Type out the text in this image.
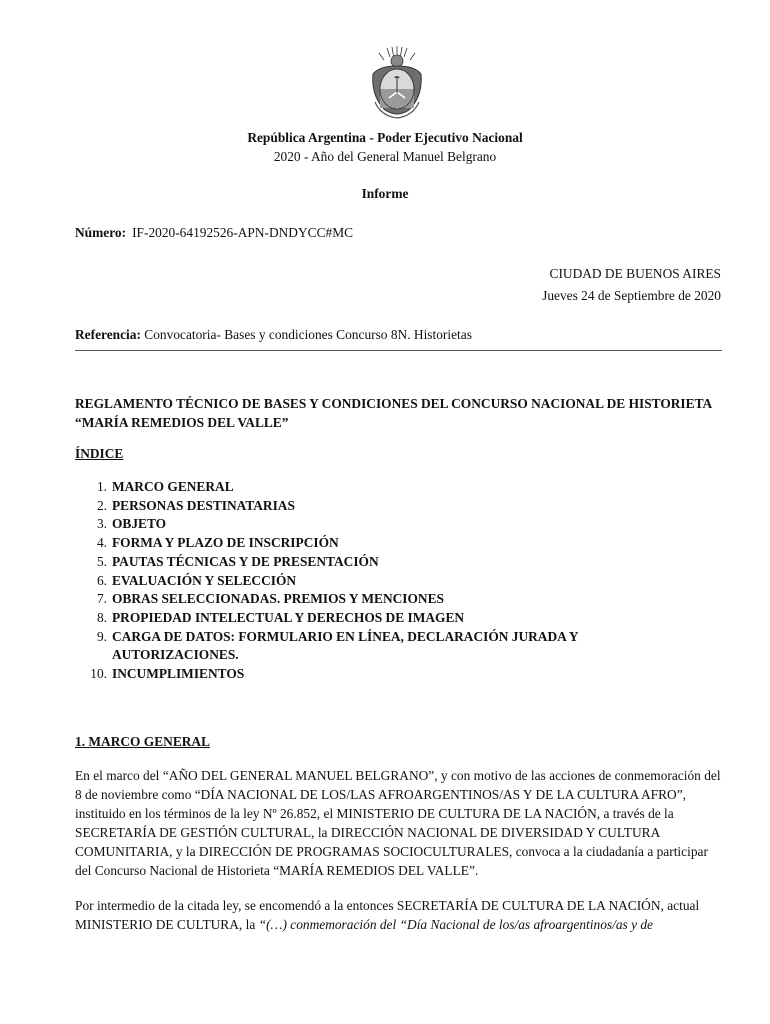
República Argentina - Poder Ejecutivo Nacional
2020 - Año del General Manuel Belgrano
Informe
Número: IF-2020-64192526-APN-DNDYCC#MC
CIUDAD DE BUENOS AIRES
Jueves 24 de Septiembre de 2020
Referencia: Convocatoria- Bases y condiciones Concurso 8N. Historietas
REGLAMENTO TÉCNICO DE BASES Y CONDICIONES DEL CONCURSO NACIONAL DE HISTORIETA “MARÍA REMEDIOS DEL VALLE”
ÍNDICE
1. MARCO GENERAL
2. PERSONAS DESTINATARIAS
3. OBJETO
4. FORMA Y PLAZO DE INSCRIPCIÓN
5. PAUTAS TÉCNICAS Y DE PRESENTACIÓN
6. EVALUACIÓN Y SELECCIÓN
7. OBRAS SELECCIONADAS. PREMIOS Y MENCIONES
8. PROPIEDAD INTELECTUAL Y DERECHOS DE IMAGEN
9. CARGA DE DATOS: FORMULARIO EN LÍNEA, DECLARACIÓN JURADA Y
AUTORIZACIONES.
10. INCUMPLIMIENTOS
1. MARCO GENERAL
En el marco del “AÑO DEL GENERAL MANUEL BELGRANO”, y con motivo de las acciones de conmemoración del 8 de noviembre como “DÍA NACIONAL DE LOS/LAS AFROARGENTINOS/AS Y DE LA CULTURA AFRO”, instituido en los términos de la ley Nº 26.852, el MINISTERIO DE CULTURA DE LA NACIÓN, a través de la SECRETARÍA DE GESTIÓN CULTURAL, la DIRECCIÓN NACIONAL DE DIVERSIDAD Y CULTURA COMUNITARIA, y la DIRECCIÓN DE PROGRAMAS SOCIOCULTURALES, convoca a la ciudadanía a participar del Concurso Nacional de Historieta “MARÍA REMEDIOS DEL VALLE”.
Por intermedio de la citada ley, se encomendó a la entonces SECRETARÍA DE CULTURA DE LA NACIÓN, actual MINISTERIO DE CULTURA, la “(…) conmemoración del “Día Nacional de los/as afroargentinos/as y de
